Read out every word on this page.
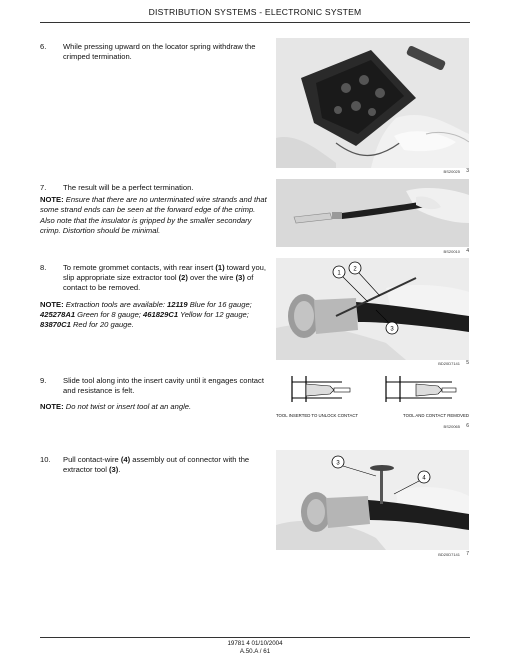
DISTRIBUTION SYSTEMS - ELECTRONIC SYSTEM
6.	While pressing upward on the locator spring withdraw the crimped termination.
7.	The result will be a perfect termination.
NOTE: Ensure that there are no unterminated wire strands and that some strand ends can be seen at the forward edge of the crimp. Also note that the insulator is gripped by the smaller secondary crimp. Distortion should be minimal.
8.	To remote grommet contacts, with rear insert (1) toward you, slip appropriate size extractor tool (2) over the wire (3) of contact to be removed.
NOTE: Extraction tools are available: 12119 Blue for 16 gauge; 425278A1 Green for 8 gauge; 461829C1 Yellow for 12 gauge; 83870C1 Red for 20 gauge.
9.	Slide tool along into the insert cavity until it engages contact and resistance is felt.
NOTE: Do not twist or insert tool at an angle.
10.	Pull contact-wire (4) assembly out of connector with the extractor tool (3).
BS20025 3
BS20010 4
1
2
3
BD20D7141 5
TOOL INSERTED TO UNLOCK CONTACT	TOOL AND CONTACT REMOVED
BS20065 6
3
4
BD20D7141 7
19781 4 01/10/2004
A.50.A / 61
